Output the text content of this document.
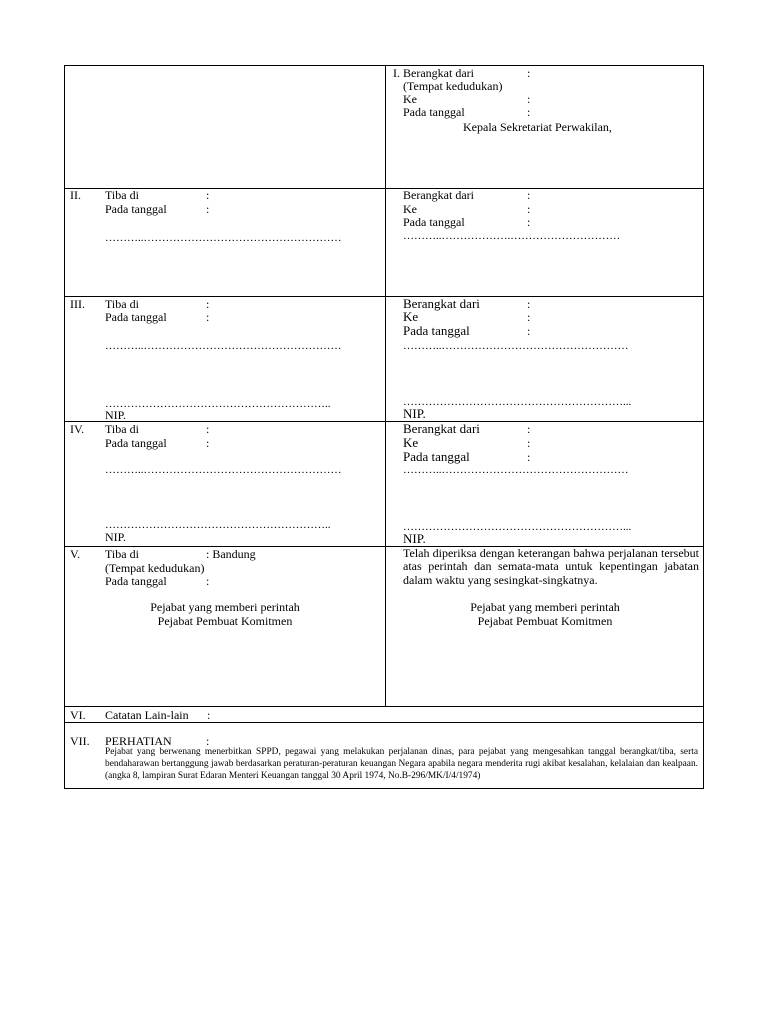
I. Berangkat dari	:
(Tempat kedudukan)
Ke	:
Pada tanggal	:
Kepala Sekretariat Perwakilan,
II. Tiba di	:
Pada tanggal	:
………..………………………………………………
Berangkat dari	:
Ke	:
Pada tanggal	:
………..……………….…………………………
III. Tiba di	:
Pada tanggal	:
………..………………………………………………
……………………………………………………..
NIP.
Berangkat dari	:
Ke	:
Pada tanggal	:
………..……………………………………………
……………………………………………………...
NIP.
IV. Tiba di	:
Pada tanggal	:
………..………………………………………………
……………………………………………………..
NIP.
Berangkat dari	:
Ke	:
Pada tanggal	:
………..……………………………………………
……………………………………………………...
NIP.
V. Tiba di	: Bandung
(Tempat kedudukan)
Pada tanggal	:
Pejabat yang memberi perintah
Pejabat Pembuat Komitmen
Telah diperiksa dengan keterangan bahwa perjalanan tersebut atas perintah dan semata-mata untuk kepentingan jabatan dalam waktu yang sesingkat-singkatnya.
Pejabat yang memberi perintah
Pejabat Pembuat Komitmen
VI. Catatan Lain-lain :
VII. PERHATIAN	:
Pejabat yang berwenang menerbitkan SPPD, pegawai yang melakukan perjalanan dinas, para pejabat yang mengesahkan tanggal berangkat/tiba, serta bendaharawan bertanggung jawab berdasarkan peraturan-peraturan keuangan Negara apabila negara menderita rugi akibat kesalahan, kelalaian dan kealpaan. (angka 8, lampiran Surat Edaran Menteri Keuangan tanggal 30 April 1974, No.B-296/MK/I/4/1974)
